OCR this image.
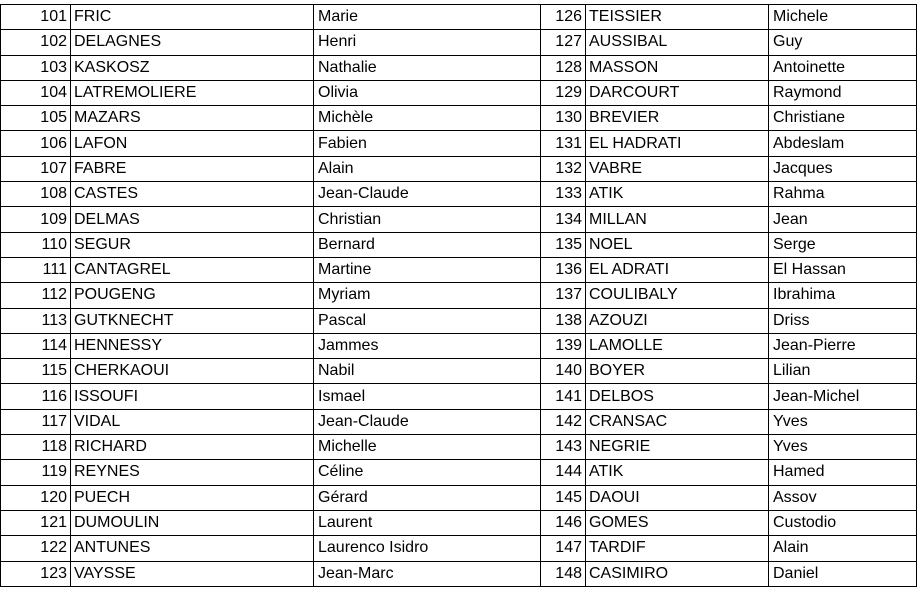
101	FRIC	Marie	126	TEISSIER	Michele
102	DELAGNES	Henri	127	AUSSIBAL	Guy
103	KASKOSZ	Nathalie	128	MASSON	Antoinette
104	LATREMOLIERE	Olivia	129	DARCOURT	Raymond
105	MAZARS	Michèle	130	BREVIER	Christiane
106	LAFON	Fabien	131	EL HADRATI	Abdeslam
107	FABRE	Alain	132	VABRE	Jacques
108	CASTES	Jean-Claude	133	ATIK	Rahma
109	DELMAS	Christian	134	MILLAN	Jean
110	SEGUR	Bernard	135	NOEL	Serge
111	CANTAGREL	Martine	136	EL ADRATI	El Hassan
112	POUGENG	Myriam	137	COULIBALY	Ibrahima
113	GUTKNECHT	Pascal	138	AZOUZI	Driss
114	HENNESSY	Jammes	139	LAMOLLE	Jean-Pierre
115	CHERKAOUI	Nabil	140	BOYER	Lilian
116	ISSOUFI	Ismael	141	DELBOS	Jean-Michel
117	VIDAL	Jean-Claude	142	CRANSAC	Yves
118	RICHARD	Michelle	143	NEGRIE	Yves
119	REYNES	Céline	144	ATIK	Hamed
120	PUECH	Gérard	145	DAOUI	Assov
121	DUMOULIN	Laurent	146	GOMES	Custodio
122	ANTUNES	Laurenco Isidro	147	TARDIF	Alain
123	VAYSSE	Jean-Marc	148	CASIMIRO	Daniel
